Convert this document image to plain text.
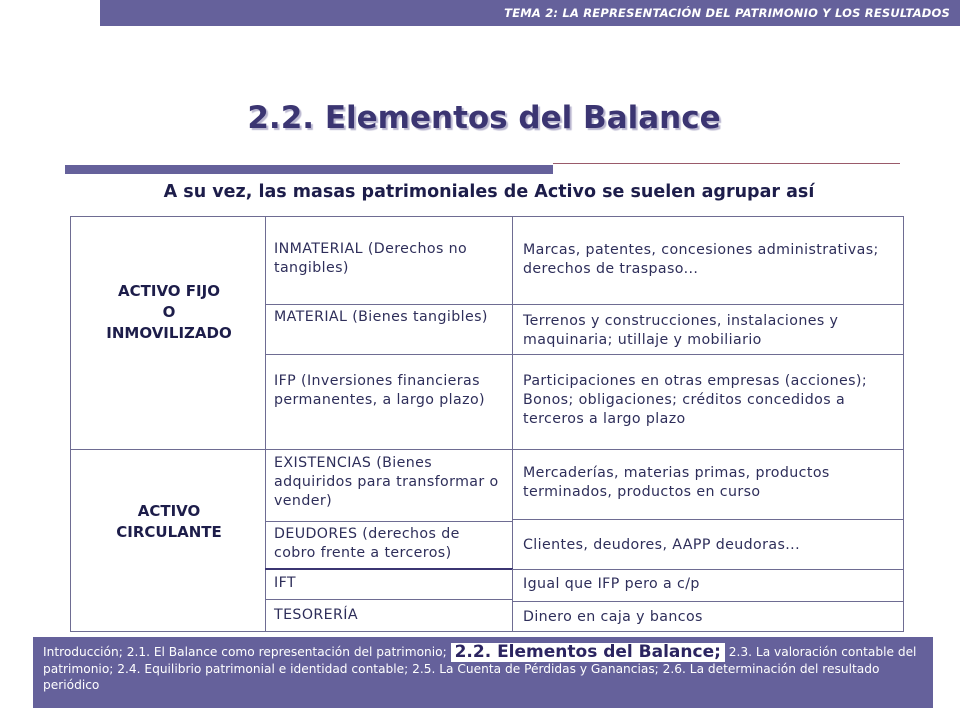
TEMA 2: LA REPRESENTACIÓN DEL PATRIMONIO Y LOS RESULTADOS
2.2. Elementos del Balance
A su vez, las masas patrimoniales de Activo se suelen agrupar así
ACTIVO FIJO
O
INMOVILIZADO
ACTIVO
CIRCULANTE
INMATERIAL (Derechos no tangibles)
MATERIAL (Bienes tangibles)
IFP (Inversiones financieras permanentes, a largo plazo)
EXISTENCIAS (Bienes adquiridos para transformar o vender)
DEUDORES (derechos de cobro frente a terceros)
IFT
TESORERÍA
Marcas, patentes, concesiones administrativas; derechos de traspaso...
Terrenos y construcciones, instalaciones y maquinaria; utillaje y mobiliario
Participaciones en otras empresas (acciones); Bonos; obligaciones; créditos concedidos a terceros a largo plazo
Mercaderías, materias primas, productos terminados, productos en curso
Clientes, deudores, AAPP deudoras...
Igual que IFP pero a c/p
Dinero en caja y bancos
Introducción; 2.1. El Balance como representación del patrimonio; 2.2. Elementos del Balance; 2.3. La valoración contable del patrimonio; 2.4. Equilibrio patrimonial e identidad contable; 2.5. La Cuenta de Pérdidas y Ganancias; 2.6. La determinación del resultado periódico
